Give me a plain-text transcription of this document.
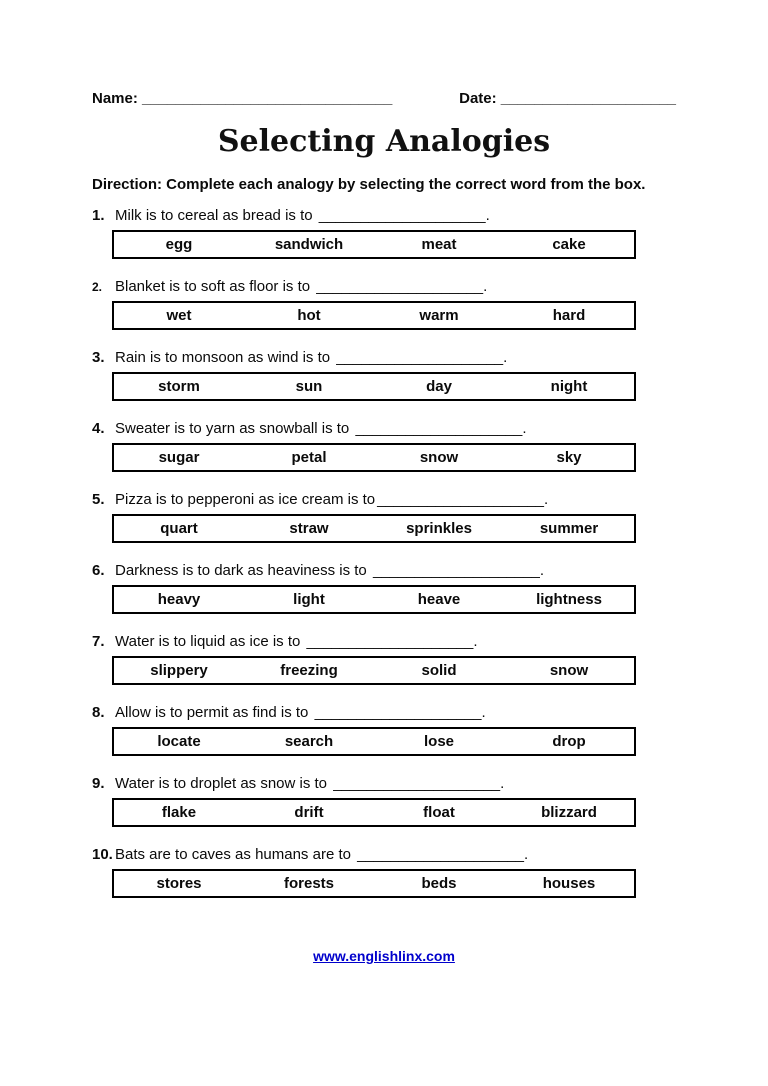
Name: ______________________________	Date: _____________________
Selecting Analogies
Direction: Complete each analogy by selecting the correct word from the box.
1. Milk is to cereal as bread is to ____________________.
egg	sandwich	meat	cake
2. Blanket is to soft as floor is to ____________________.
wet	hot	warm	hard
3. Rain is to monsoon as wind is to ____________________.
storm	sun	day	night
4. Sweater is to yarn as snowball is to ____________________.
sugar	petal	snow	sky
5. Pizza is to pepperoni as ice cream is to ____________________.
quart	straw	sprinkles	summer
6. Darkness is to dark as heaviness is to ____________________.
heavy	light	heave	lightness
7. Water is to liquid as ice is to ____________________.
slippery	freezing	solid	snow
8. Allow is to permit as find is to ____________________.
locate	search	lose	drop
9. Water is to droplet as snow is to ____________________.
flake	drift	float	blizzard
10. Bats are to caves as humans are to ____________________.
stores	forests	beds	houses
www.englishlinx.com
